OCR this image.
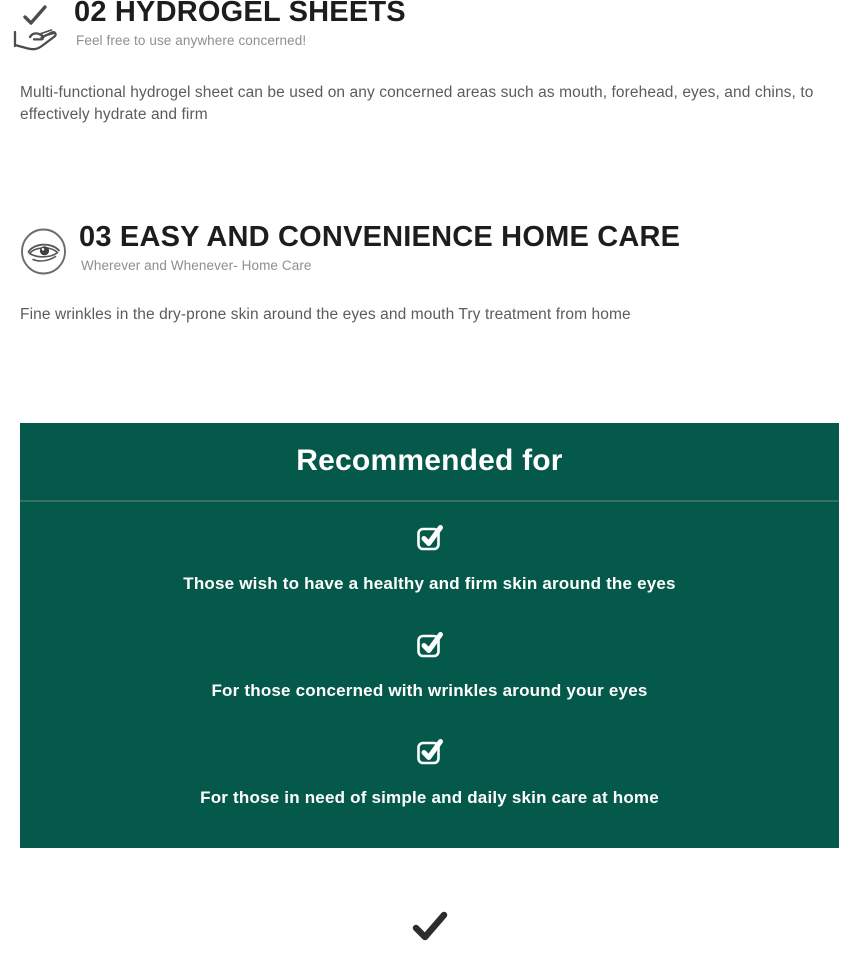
02 HYDROGEL SHEETS

Feel free to use anywhere concerned!

Multi-functional hydrogel sheet can be used on any concerned areas such as mouth, forehead, eyes, and chins, to effectively hydrate and firm

03 EASY AND CONVENIENCE HOME CARE

Wherever and Whenever- Home Care

Fine wrinkles in the dry-prone skin around the eyes and mouth Try treatment from home

Recommended for
Those wish to have a healthy and firm skin around the eyes
For those concerned with wrinkles around your eyes
For those in need of simple and daily skin care at home
